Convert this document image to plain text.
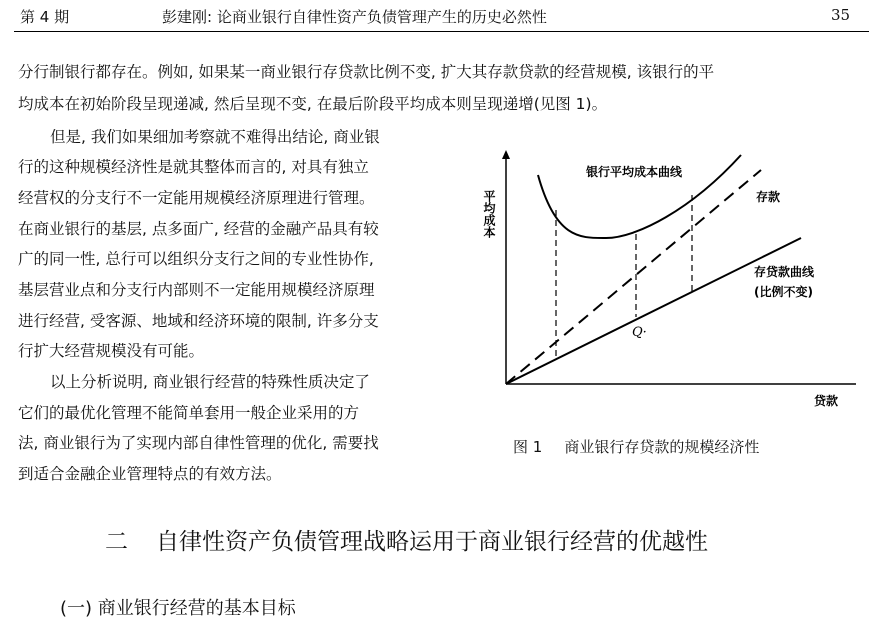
第 4 期	彭建刚: 论商业银行自律性资产负债管理产生的历史必然性	35
分行制银行都存在。例如, 如果某一商业银行存贷款比例不变, 扩大其存款贷款的经营规模, 该银行的平
均成本在初始阶段呈现递减, 然后呈现不变, 在最后阶段平均成本则呈现递增(见图 1)。
但是, 我们如果细加考察就不难得出结论, 商业银
行的这种规模经济性是就其整体而言的, 对具有独立
经营权的分支行不一定能用规模经济原理进行管理。
在商业银行的基层, 点多面广, 经营的金融产品具有较
广的同一性, 总行可以组织分支行之间的专业性协作,
基层营业点和分支行内部则不一定能用规模经济原理
进行经营, 受客源、地域和经济环境的限制, 许多分支
行扩大经营规模没有可能。
以上分析说明, 商业银行经营的特殊性质决定了
它们的最优化管理不能简单套用一般企业采用的方
法, 商业银行为了实现内部自律性管理的优化, 需要找
到适合金融企业管理特点的有效方法。
平均成本
贷款
银行平均成本曲线
存款
存贷款曲线
(比例不变)
Q·
图 1 商业银行存贷款的规模经济性
二 自律性资产负债管理战略运用于商业银行经营的优越性
(一) 商业银行经营的基本目标
